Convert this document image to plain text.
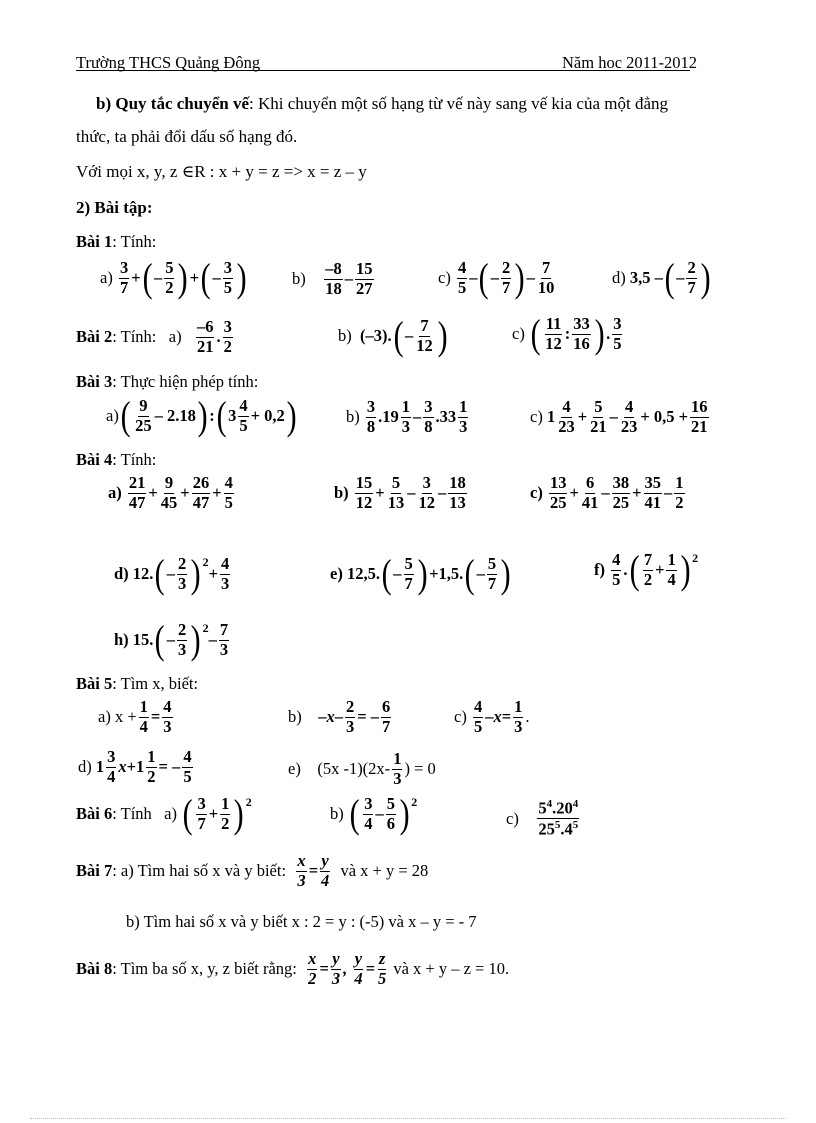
Trường THCS Quảng Đông	Năm hoc 2011-2012
b) Quy tắc chuyển vế: Khi chuyển một số hạng từ vế này sang vế kia của một đẳng
thức, ta phải đổi dấu số hạng đó.
Với mọi x, y, z ∈R : x + y = z => x = z – y
2) Bài tập:
Bài 1: Tính:
a)
3
7 + ( –
5
2 ) + ( –
3
5 )	b)
–8
18 –
15
27
c)
4
5 – ( –
2
7 ) –
7
10	d) 3,5 – ( –
2
7 )
Bài 2 : Tính: a)
–6
21 .
3
2
b) (–3). ( –
7
12 )	c) ( 11
12 :
33
16 ) .
3
5
Bài 3: Thực hiện phép tính:
a) ( 9
25 – 2.18 ) : ( 3
4
5 + 0,2 )	b)
3
8 .19
1
3 –
3
8 .33
1
3	c) 1
4
23 +
5
21 –
4
23 + 0,5 +
16
21
Bài 4: Tính:
a)

21
47 +
9
45 +
26
47 +
4
5	b)

15
12 +
5
13 –
3
12 –
18
13	c)

13
25 +
6
41 –
38
25 +
35
41 –
1
2
d)
12. ( –
2
3 ) 2
+
4
3	e)
12,5. ( –
5
7 ) +1,5. ( –
5
7 )	f)

4
5 . ( 7
2 +
1
4 ) 2
h)
15. ( –
2
3 ) 2
–
7
3
Bài 5: Tìm x, biết:
a) x +
1
4 =
4
3	b) – x –
2
3 = –
6
7	c)
4
5 – x =
1
3 .
d) 1
3
4 x +1
1
2 = –
4
5	e) (5x -1)(2x-
1
3 ) = 0
Bài 6 : Tính a) ( 3
7 +
1
2 ) 2
b) ( 3
4 –
5
6 ) 2
c)
$5^4.20^4$
$25^5.4^5$
Bài 7 : a) Tìm hai số x và y biết:

x
3 =
y
4
và x + y = 28
b) Tìm hai số x và y biết x : 2 = y : (-5) và x – y = - 7
Bài 8 : Tìm ba số x, y, z biết rằng:

x
2 =
y
3 ,
y
4 =
z
5
và x + y – z = 10.
